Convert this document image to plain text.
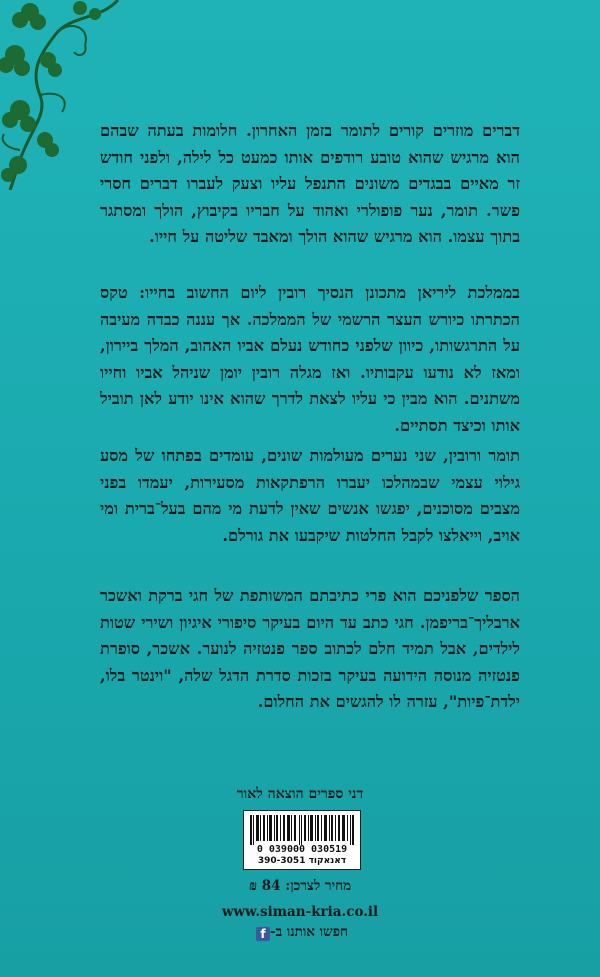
דברים מוזרים קורים לתומר בזמן האחרון. חלומות בעתה שבהם הוא מרגיש שהוא טובע רודפים אותו כמעט כל לילה, ולפני חודש זר מאיים בבגדים משונים התנפל עליו וצעק לעברו דברים חסרי פשר. תומר, נער פופולרי ואהוד על חבריו בקיבוץ, הולך ומסתגר בתוך עצמו. הוא מרגיש שהוא הולך ומאבד שליטה על חייו.
בממלכת ליריאן מתכונן הנסיך רובין ליום החשוב בחייו: טקס הכתרתו כיורש העצר הרשמי של הממלכה. אך עננה כבדה מעיבה על התרגשותו, כיוון שלפני כחודש נעלם אביו האהוב, המלך ביירון, ומאז לא נודעו עקבותיו. ואז מגלה רובין יומן שניהל אביו וחייו משתנים. הוא מבין כי עליו לצאת לדרך שהוא אינו יודע לאן תוביל אותו וכיצד תסתיים.
תומר ורובין, שני נערים מעולמות שונים, עומדים בפתחו של מסע גילוי עצמי שבמהלכו יעברו הרפתקאות מסעירות, יעמדו בפני מצבים מסוכנים, יפגשו אנשים שאין לדעת מי מהם בעל־ברית ומי אויב, וייאלצו לקבל החלטות שיקבעו את גורלם.
הספר שלפניכם הוא פרי כתיבתם המשותפת של חגי ברקת ואשכר ארבליך־בריפמן. חגי כתב עד היום בעיקר סיפורי איגיון ושירי שטות לילדים, אבל תמיד חלם לכתוב ספר פנטזיה לנוער. אשכר, סופרת פנטזיה מנוסה הידועה בעיקר בזכות סדרת הדגל שלה, "וינטר בלו, ילדת־פיות", עזרה לו להגשים את החלום.
דני ספרים הוצאה לאור
0 039000 030519
דאנאקוד 390-3051
מחיר לצרכן: 84 ₪
www.siman-kria.co.il
חפשו אותנו ב-f
